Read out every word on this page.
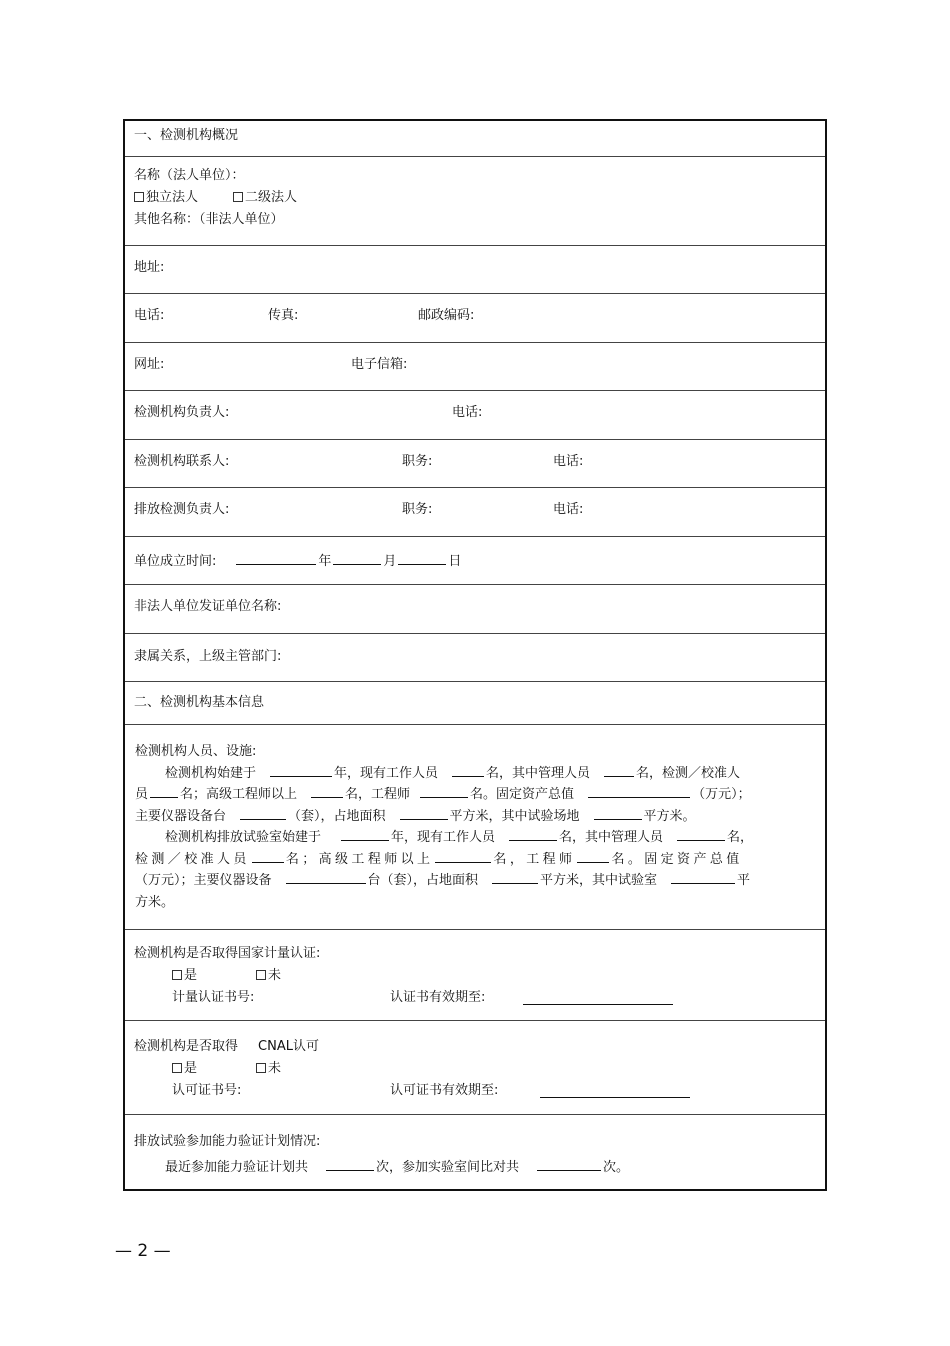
一、检测机构概况
名称（法人单位）：
独立法人	二级法人
其他名称：（非法人单位）
地址:
电话:	传真:	邮政编码:
网址:	电子信箱:
检测机构负责人:	电话:
检测机构联系人:	职务:	电话:
排放检测负责人:	职务:	电话:
单位成立时间:	年	月	日
非法人单位发证单位名称:
隶属关系，上级主管部门:
二、检测机构基本信息
检测机构人员、设施:
检测机构始建于	年，现有工作人员	名，其中管理人员	名，检测／校准人
员 名；高级工程师以上	名，工程师	名。固定资产总值	（万元）；
主要仪器设备台	（套），占地面积	平方米，其中试验场地	平方米。
检测机构排放试验室始建于	年，现有工作人员	名，其中管理人员	名，
检测／校准人员	名；高级工程师以上	名，工程师	名。固定资产总值
（万元）；主要仪器设备	台（套），占地面积	平方米，其中试验室	平
方米。
检测机构是否取得国家计量认证:
是	未
计量认证书号:	认证书有效期至:
检测机构是否取得 CNAL认可
是	未
认可证书号:	认可证书有效期至:
排放试验参加能力验证计划情况:
最近参加能力验证计划共	次，参加实验室间比对共	次。
— 2 —
